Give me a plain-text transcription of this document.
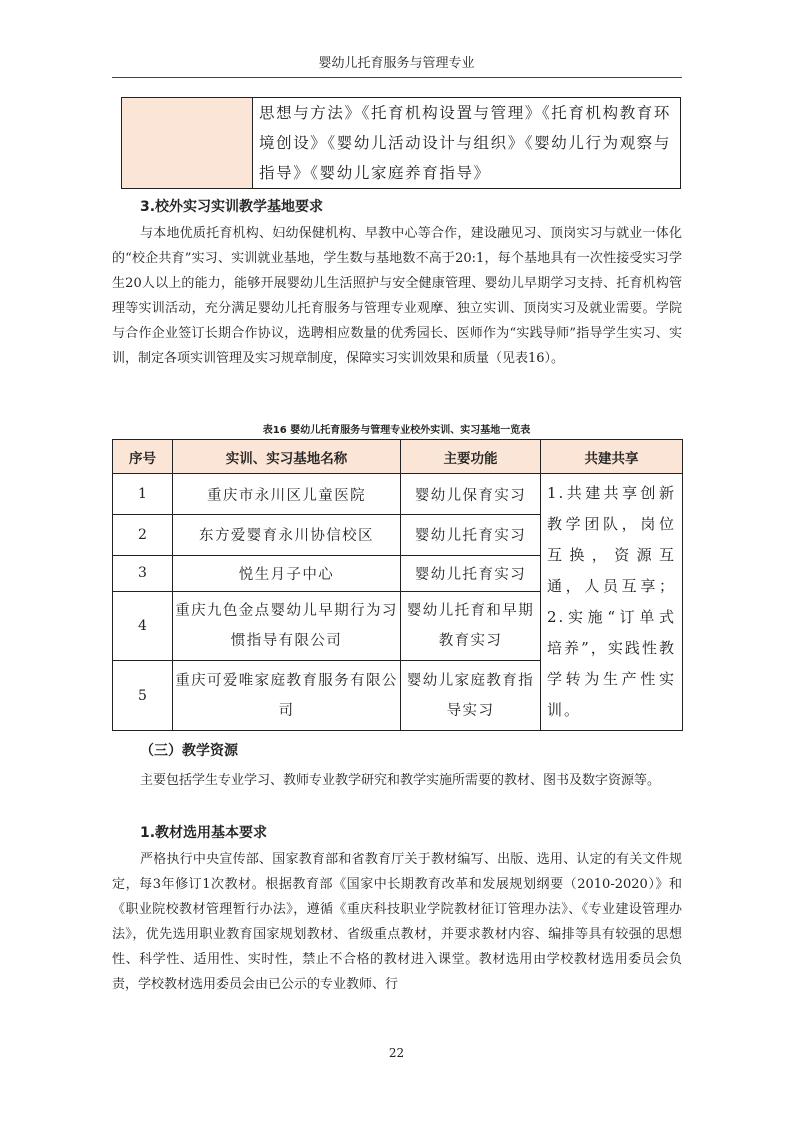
婴幼儿托育服务与管理专业
	思想与方法》《托育机构设置与管理》《托育机构教育环境创设》《婴幼儿活动设计与组织》《婴幼儿行为观察与指导》《婴幼儿家庭养育指导》
3.校外实习实训教学基地要求

与本地优质托育机构、妇幼保健机构、早教中心等合作，建设融见习、顶岗实习与就业一体化的“校企共育”实习、实训就业基地，学生数与基地数不高于20:1，每个基地具有一次性接受实习学生20人以上的能力，能够开展婴幼儿生活照护与安全健康管理、婴幼儿早期学习支持、托育机构管理等实训活动，充分满足婴幼儿托育服务与管理专业观摩、独立实训、顶岗实习及就业需要。学院与合作企业签订长期合作协议，选聘相应数量的优秀园长、医师作为“实践导师”指导学生实习、实训，制定各项实训管理及实习规章制度，保障实习实训效果和质量（见表16）。

表16 婴幼儿托育服务与管理专业校外实训、实习基地一览表
序号	实训、实习基地名称	主要功能	共建共享
1	重庆市永川区儿童医院	婴幼儿保育实习	1.共建共享创新教学团队，岗位互换，资源互通，人员互享；2.实施“订单式培养”，实践性教学转为生产性实训。
2	东方爱婴育永川协信校区	婴幼儿托育实习	
3	悦生月子中心	婴幼儿托育实习	
4	重庆九色金点婴幼儿早期行为习惯指导有限公司	婴幼儿托育和早期教育实习	
5	重庆可爱唯家庭教育服务有限公司	婴幼儿家庭教育指导实习	
（三）教学资源

主要包括学生专业学习、教师专业教学研究和教学实施所需要的教材、图书及数字资源等。

1.教材选用基本要求

严格执行中央宣传部、国家教育部和省教育厅关于教材编写、出版、选用、认定的有关文件规定，每3年修订1次教材。根据教育部《国家中长期教育改革和发展规划纲要（2010-2020）》和《职业院校教材管理暂行办法》，遵循《重庆科技职业学院教材征订管理办法》、《专业建设管理办法》，优先选用职业教育国家规划教材、省级重点教材，并要求教材内容、编排等具有较强的思想性、科学性、适用性、实时性，禁止不合格的教材进入课堂。教材选用由学校教材选用委员会负责，学校教材选用委员会由已公示的专业教师、行

22
